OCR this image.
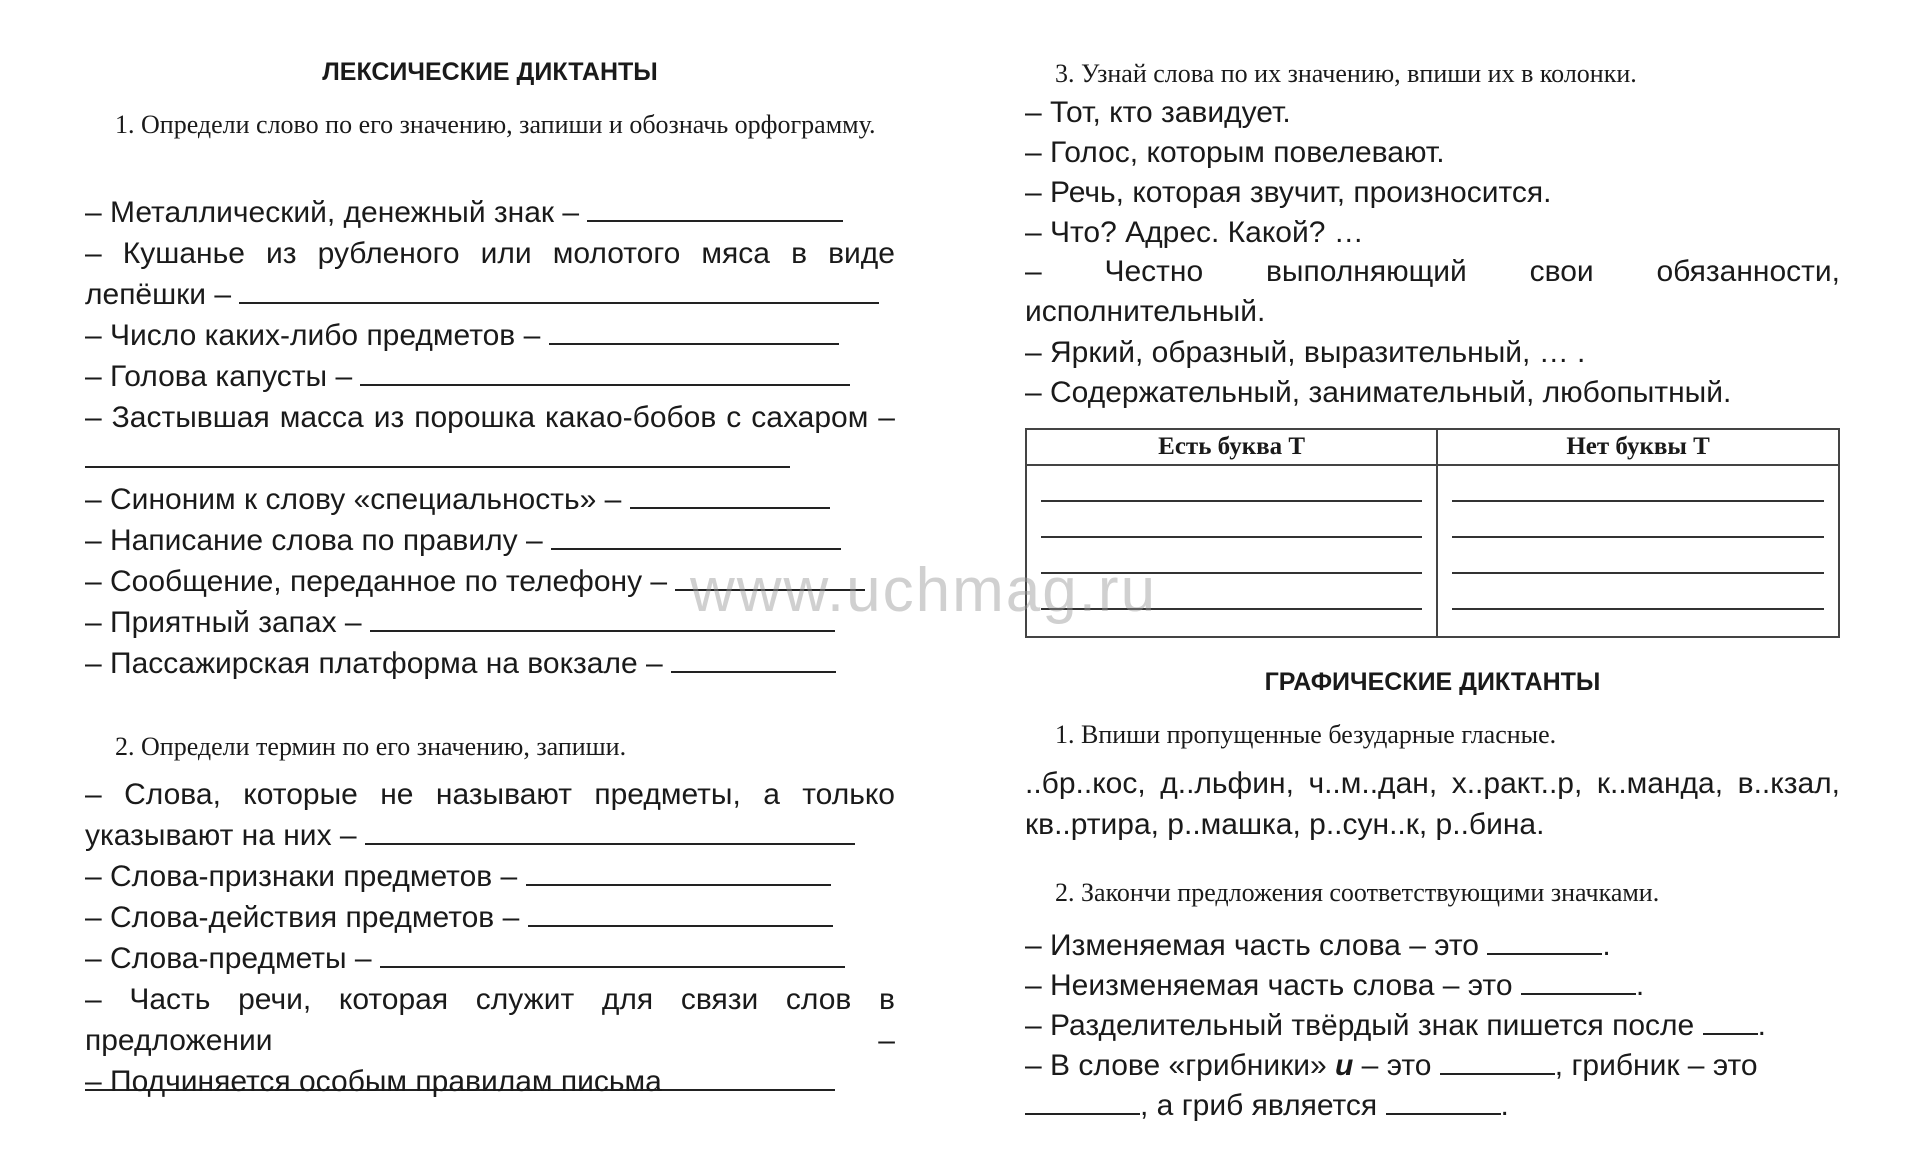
ЛЕКСИЧЕСКИЕ ДИКТАНТЫ
1. Определи слово по его значению, запиши и обозначь орфограмму.
– Металлический, денежный знак –
– Кушанье из рубленого или молотого мяса в виде лепёшки –
– Число каких-либо предметов –
– Голова капусты –
– Застывшая масса из порошка какао-бобов с сахаром –
– Синоним к слову «специальность» –
– Написание слова по правилу –
– Сообщение, переданное по телефону –
– Приятный запах –
– Пассажирская платформа на вокзале –
2. Определи термин по его значению, запиши.
– Слова, которые не называют предметы, а только указывают на них –
– Слова-признаки предметов –
– Слова-действия предметов –
– Слова-предметы –
– Часть речи, которая служит для связи слов в предложении –
– Подчиняется особым правилам письма
3. Узнай слова по их значению, впиши их в колонки.
– Тот, кто завидует.
– Голос, которым повелевают.
– Речь, которая звучит, произносится.
– Что? Адрес. Какой? …
– Честно выполняющий свои обязанности, исполнительный.
– Яркий, образный, выразительный, … .
– Содержательный, занимательный, любопытный.
Есть буква Т	Нет буквы Т

ГРАФИЧЕСКИЕ ДИКТАНТЫ
1. Впиши пропущенные безударные гласные.
..бр..кос, д..льфин, ч..м..дан, х..ракт..р, к..манда, в..кзал, кв..ртира, р..машка, р..сун..к, р..бина.
2. Закончи предложения соответствующими значками.
– Изменяемая часть слова – это	.
– Неизменяемая часть слова – это	.
– Разделительный твёрдый знак пишется после .
– В слове «грибники» и – это	, грибник – это
, а гриб является	.
www.uchmag.ru
